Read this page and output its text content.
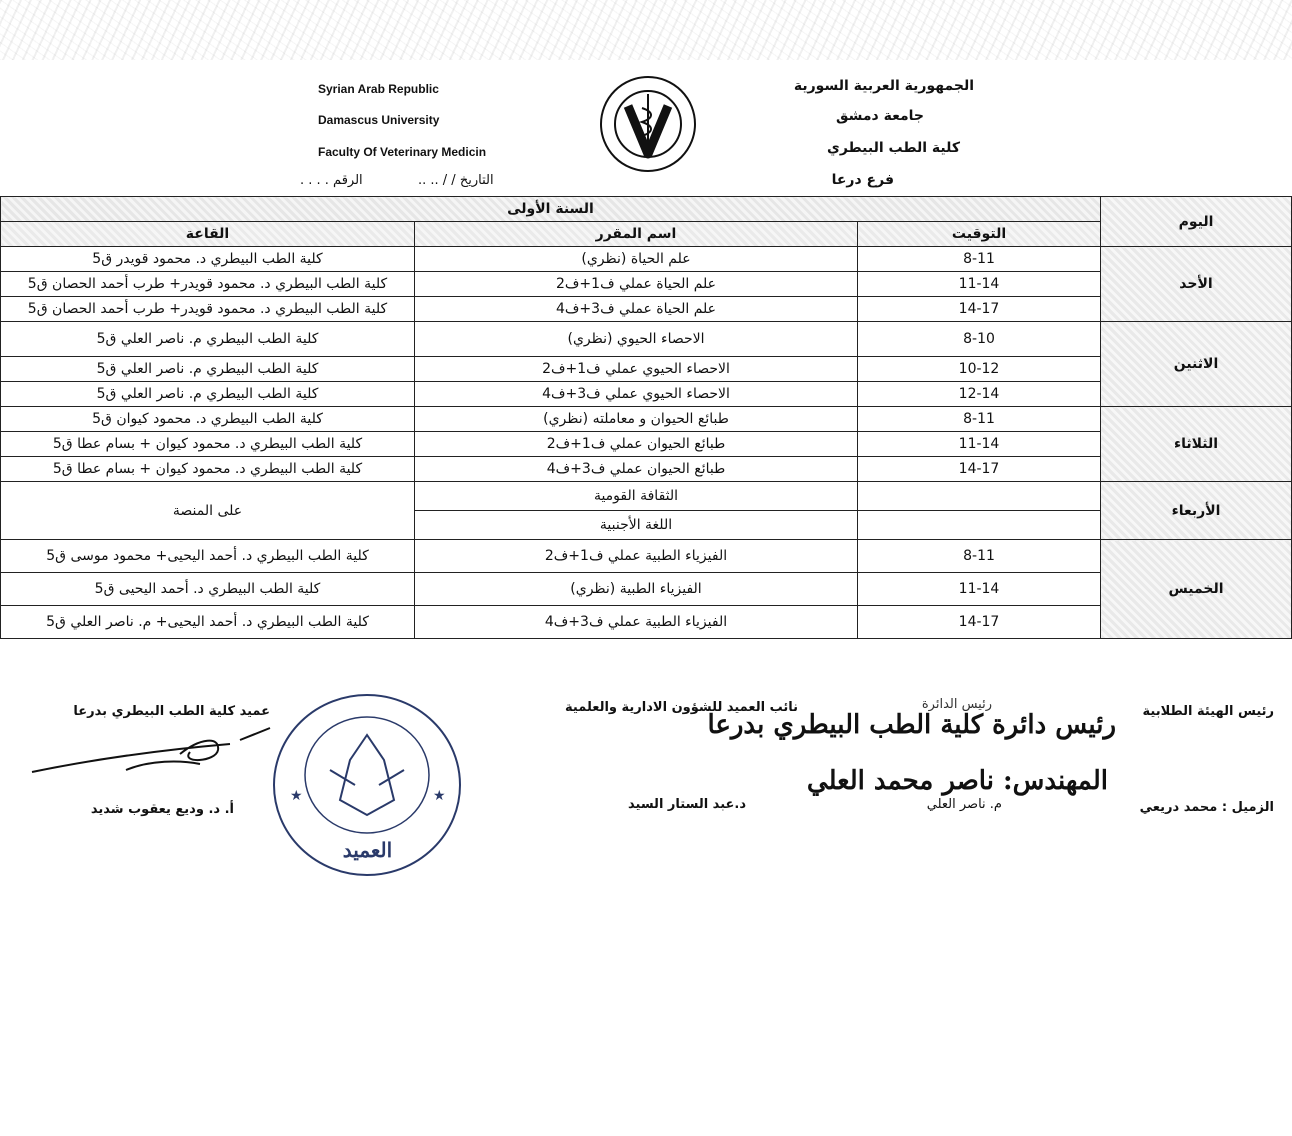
Syrian Arab Republic
Damascus University
Faculty Of Veterinary Medicin
الجمهورية العربية السورية
جامعة دمشق
كلية الطب البيطري
فرع درعا
الرقم . . . .	التاريخ / / .. ..
اليوم	السنة الأولى		
	التوقيت	اسم المقرر	القاعة
الأحد	8-11	علم الحياة (نظري)	كلية الطب البيطري د. محمود قويدر ق5
	11-14	علم الحياة عملي ف1+ف2	كلية الطب البيطري د. محمود قويدر+ طرب أحمد الحصان ق5
	14-17	علم الحياة عملي ف3+ف4	كلية الطب البيطري د. محمود قويدر+ طرب أحمد الحصان ق5
الاثنين	8-10	الاحصاء الحيوي (نظري)	كلية الطب البيطري م. ناصر العلي ق5
	10-12	الاحصاء الحيوي عملي ف1+ف2	كلية الطب البيطري م. ناصر العلي ق5
	12-14	الاحصاء الحيوي عملي ف3+ف4	كلية الطب البيطري م. ناصر العلي ق5
الثلاثاء	8-11	طبائع الحيوان و معاملته (نظري)	كلية الطب البيطري د. محمود كيوان ق5
	11-14	طبائع الحيوان عملي ف1+ف2	كلية الطب البيطري د. محمود كيوان + بسام عطا ق5
	14-17	طبائع الحيوان عملي ف3+ف4	كلية الطب البيطري د. محمود كيوان + بسام عطا ق5
الأربعاء		الثقافة القومية	على المنصة
		اللغة الأجنبية	
الخميس	8-11	الفيزياء الطبية عملي ف1+ف2	كلية الطب البيطري د. أحمد اليحيى+ محمود موسى ق5
	11-14	الفيزياء الطبية (نظري)	كلية الطب البيطري د. أحمد اليحيى ق5
	14-17	الفيزياء الطبية عملي ف3+ف4	كلية الطب البيطري د. أحمد اليحيى+ م. ناصر العلي ق5
رئيس الهيئة الطلابية
الزميل : محمد دريعي
رئيس الدائرة
رئيس دائرة كلية الطب البيطري بدرعا
المهندس: ناصر محمد العلي
م. ناصر العلي
نائب العميد للشؤون الادارية والعلمية
د.عبد الستار السيد
عميد كلية الطب البيطري بدرعا
أ. د. وديع يعقوب شديد
★	★
العميد
